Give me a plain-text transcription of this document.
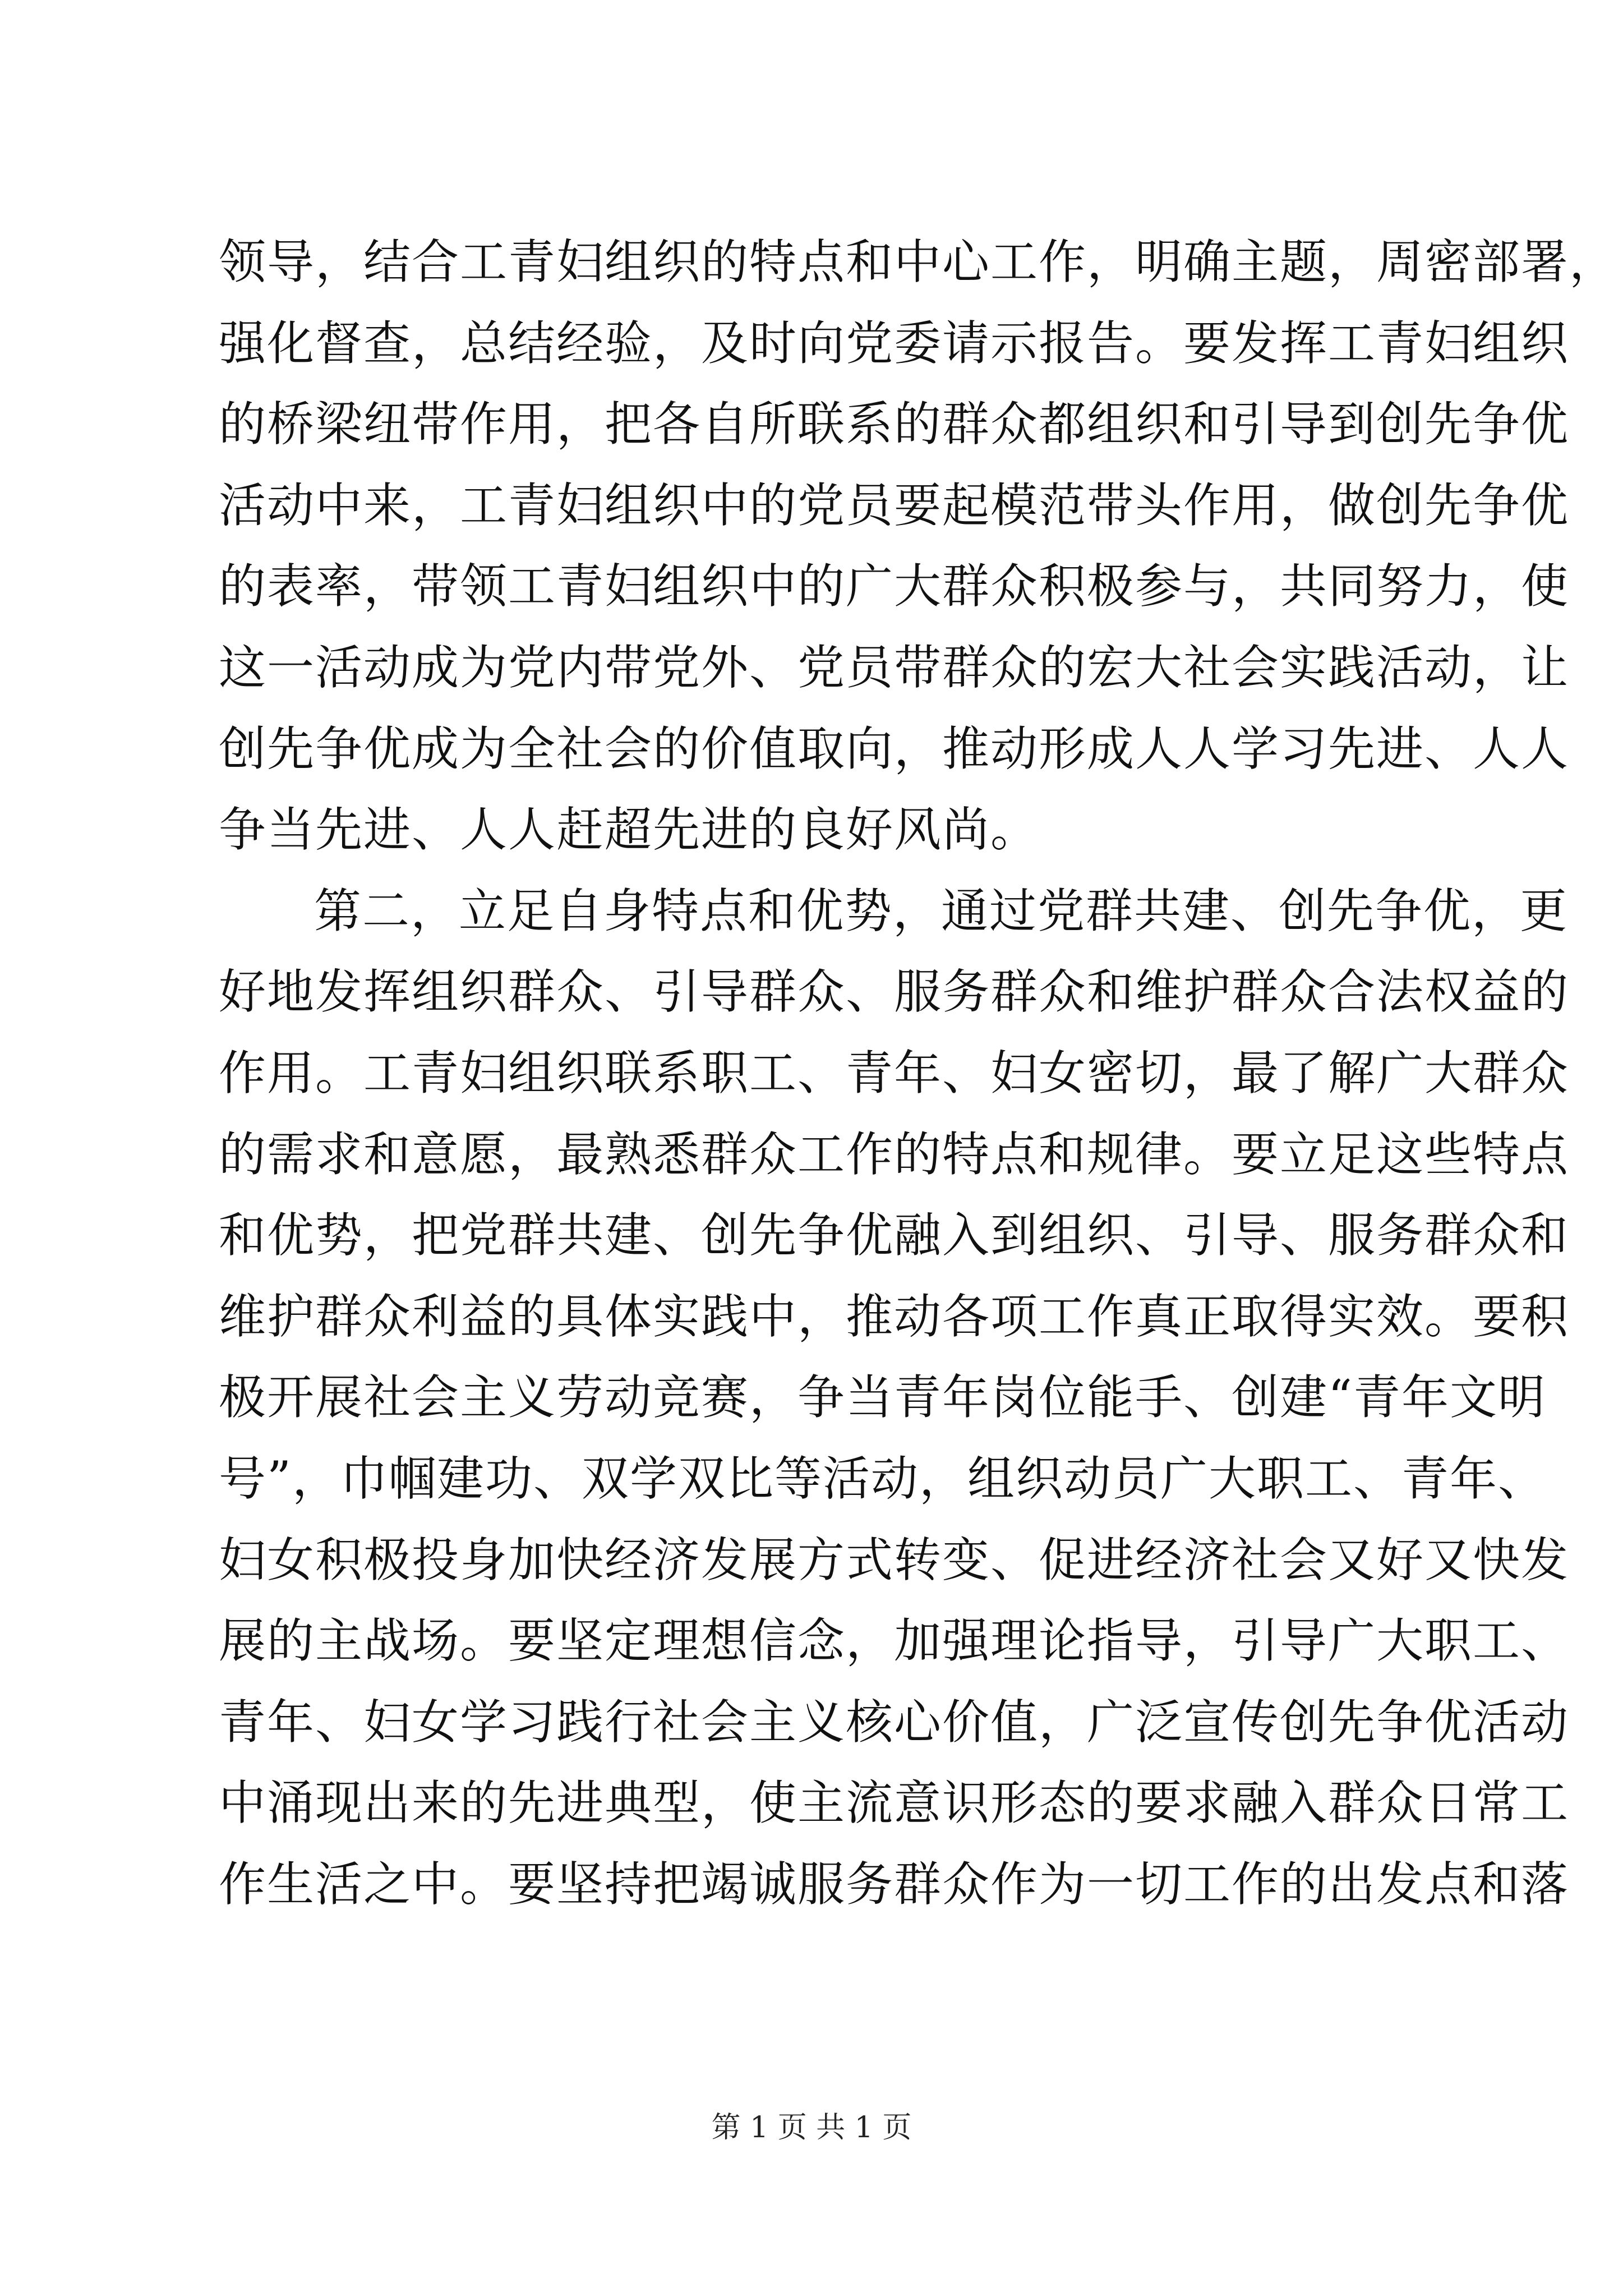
领导，结合工青妇组织的特点和中心工作，明确主题，周密部署，
强化督查，总结经验，及时向党委请示报告。要发挥工青妇组织
的桥梁纽带作用，把各自所联系的群众都组织和引导到创先争优
活动中来，工青妇组织中的党员要起模范带头作用，做创先争优
的表率，带领工青妇组织中的广大群众积极参与，共同努力，使
这一活动成为党内带党外、党员带群众的宏大社会实践活动，让
创先争优成为全社会的价值取向，推动形成人人学习先进、人人
争当先进、人人赶超先进的良好风尚。
第二，立足自身特点和优势，通过党群共建、创先争优，更
好地发挥组织群众、引导群众、服务群众和维护群众合法权益的
作用。工青妇组织联系职工、青年、妇女密切，最了解广大群众
的需求和意愿，最熟悉群众工作的特点和规律。要立足这些特点
和优势，把党群共建、创先争优融入到组织、引导、服务群众和
维护群众利益的具体实践中，推动各项工作真正取得实效。要积
极开展社会主义劳动竞赛，争当青年岗位能手、创建“青年文明
号”，巾帼建功、双学双比等活动，组织动员广大职工、青年、
妇女积极投身加快经济发展方式转变、促进经济社会又好又快发
展的主战场。要坚定理想信念，加强理论指导，引导广大职工、
青年、妇女学习践行社会主义核心价值，广泛宣传创先争优活动
中涌现出来的先进典型，使主流意识形态的要求融入群众日常工
作生活之中。要坚持把竭诚服务群众作为一切工作的出发点和落
第 1 页 共 1 页
